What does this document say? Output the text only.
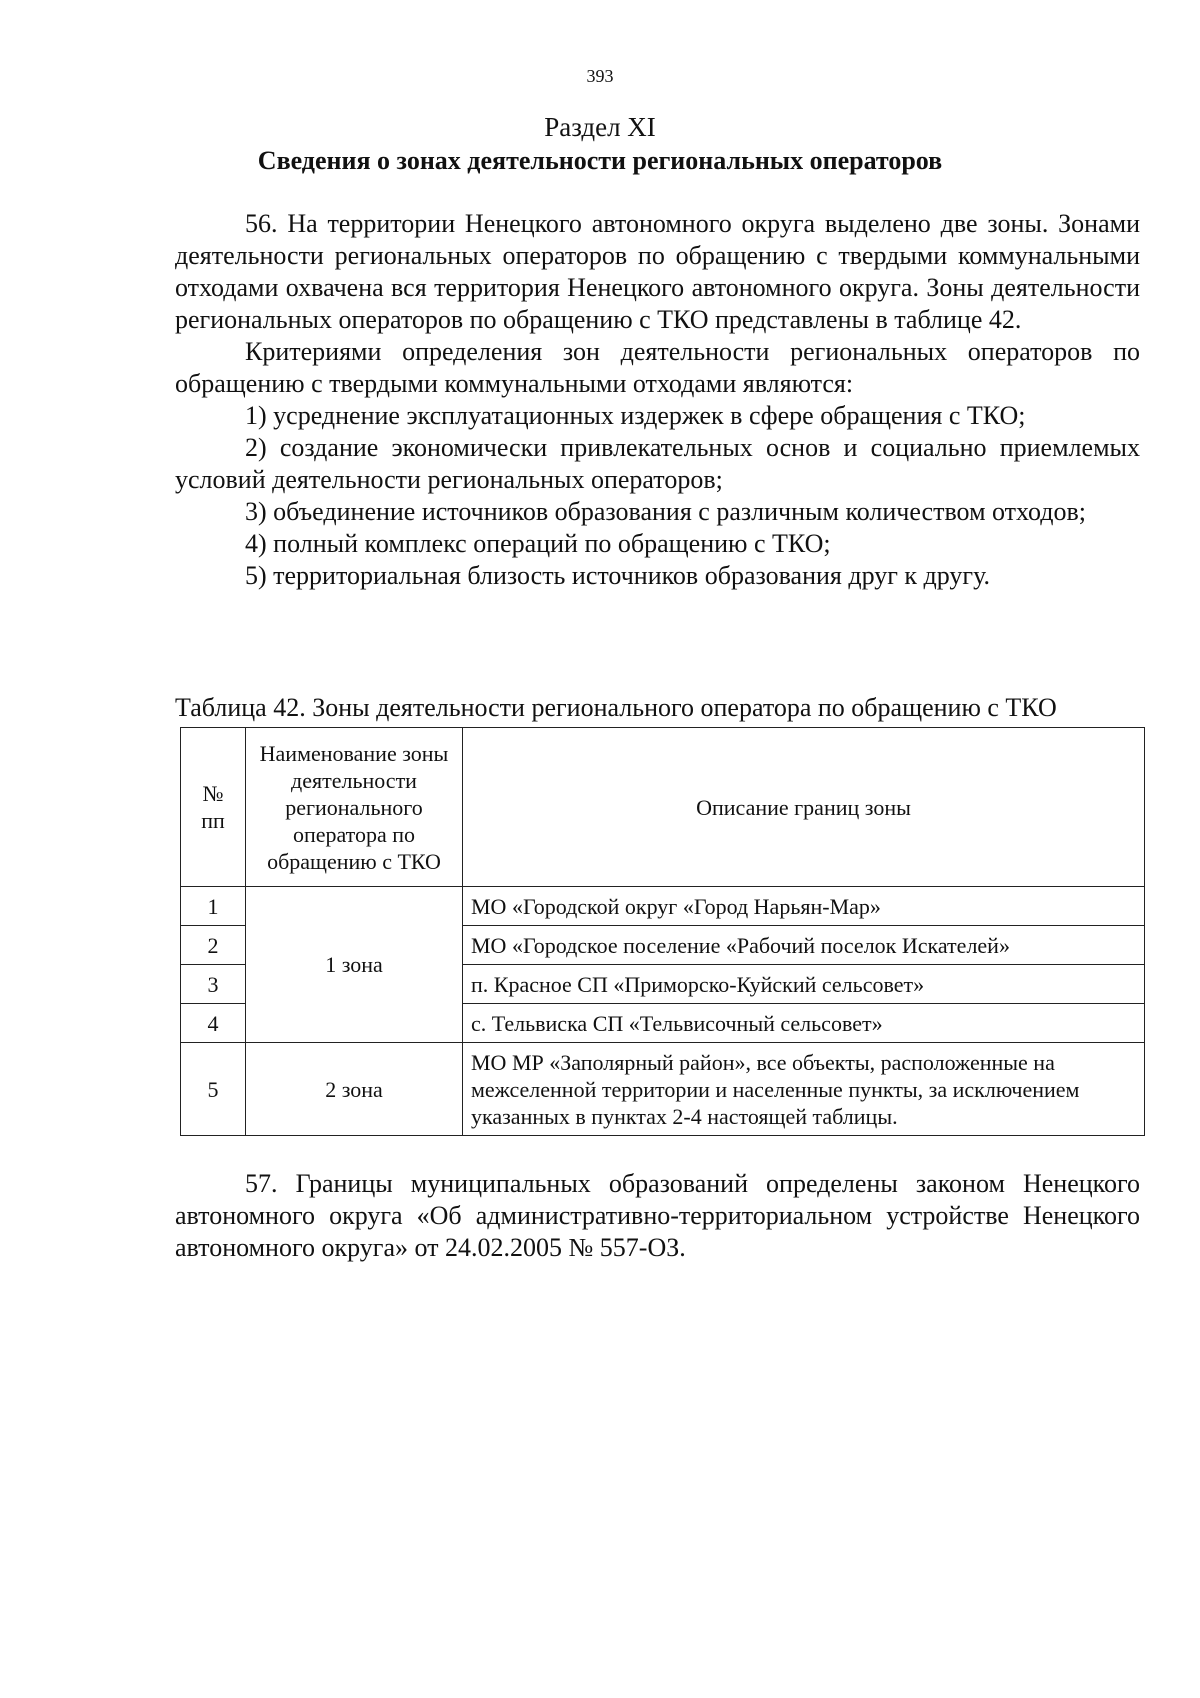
393
Раздел XI
Сведения о зонах деятельности региональных операторов

56. На территории Ненецкого автономного округа выделено две зоны. Зонами деятельности региональных операторов по обращению с твердыми коммунальными отходами охвачена вся территория Ненецкого автономного округа. Зоны деятельности региональных операторов по обращению с ТКО представлены в таблице 42.

Критериями определения зон деятельности региональных операторов по обращению с твердыми коммунальными отходами являются:

1) усреднение эксплуатационных издержек в сфере обращения с ТКО;

2) создание экономически привлекательных основ и социально приемлемых условий деятельности региональных операторов;

3) объединение источников образования с различным количеством отходов;

4) полный комплекс операций по обращению с ТКО;

5) территориальная близость источников образования друг к другу.

Таблица 42. Зоны деятельности регионального оператора по обращению с ТКО
№ пп	Наименование зоны деятельности регионального оператора по обращению с ТКО	Описание границ зоны
1	1 зона	МО «Городской округ «Город Нарьян-Мар»
2		МО «Городское поселение «Рабочий поселок Искателей»
3		п. Красное СП «Приморско-Куйский сельсовет»
4		с. Тельвиска СП «Тельвисочный сельсовет»
5	2 зона	МО МР «Заполярный район», все объекты, расположенные на межселенной территории и населенные пункты, за исключением указанных в пунктах 2-4 настоящей таблицы.

57. Границы муниципальных образований определены законом Ненецкого автономного округа «Об административно-территориальном устройстве Ненецкого автономного округа» от 24.02.2005 № 557-ОЗ.
